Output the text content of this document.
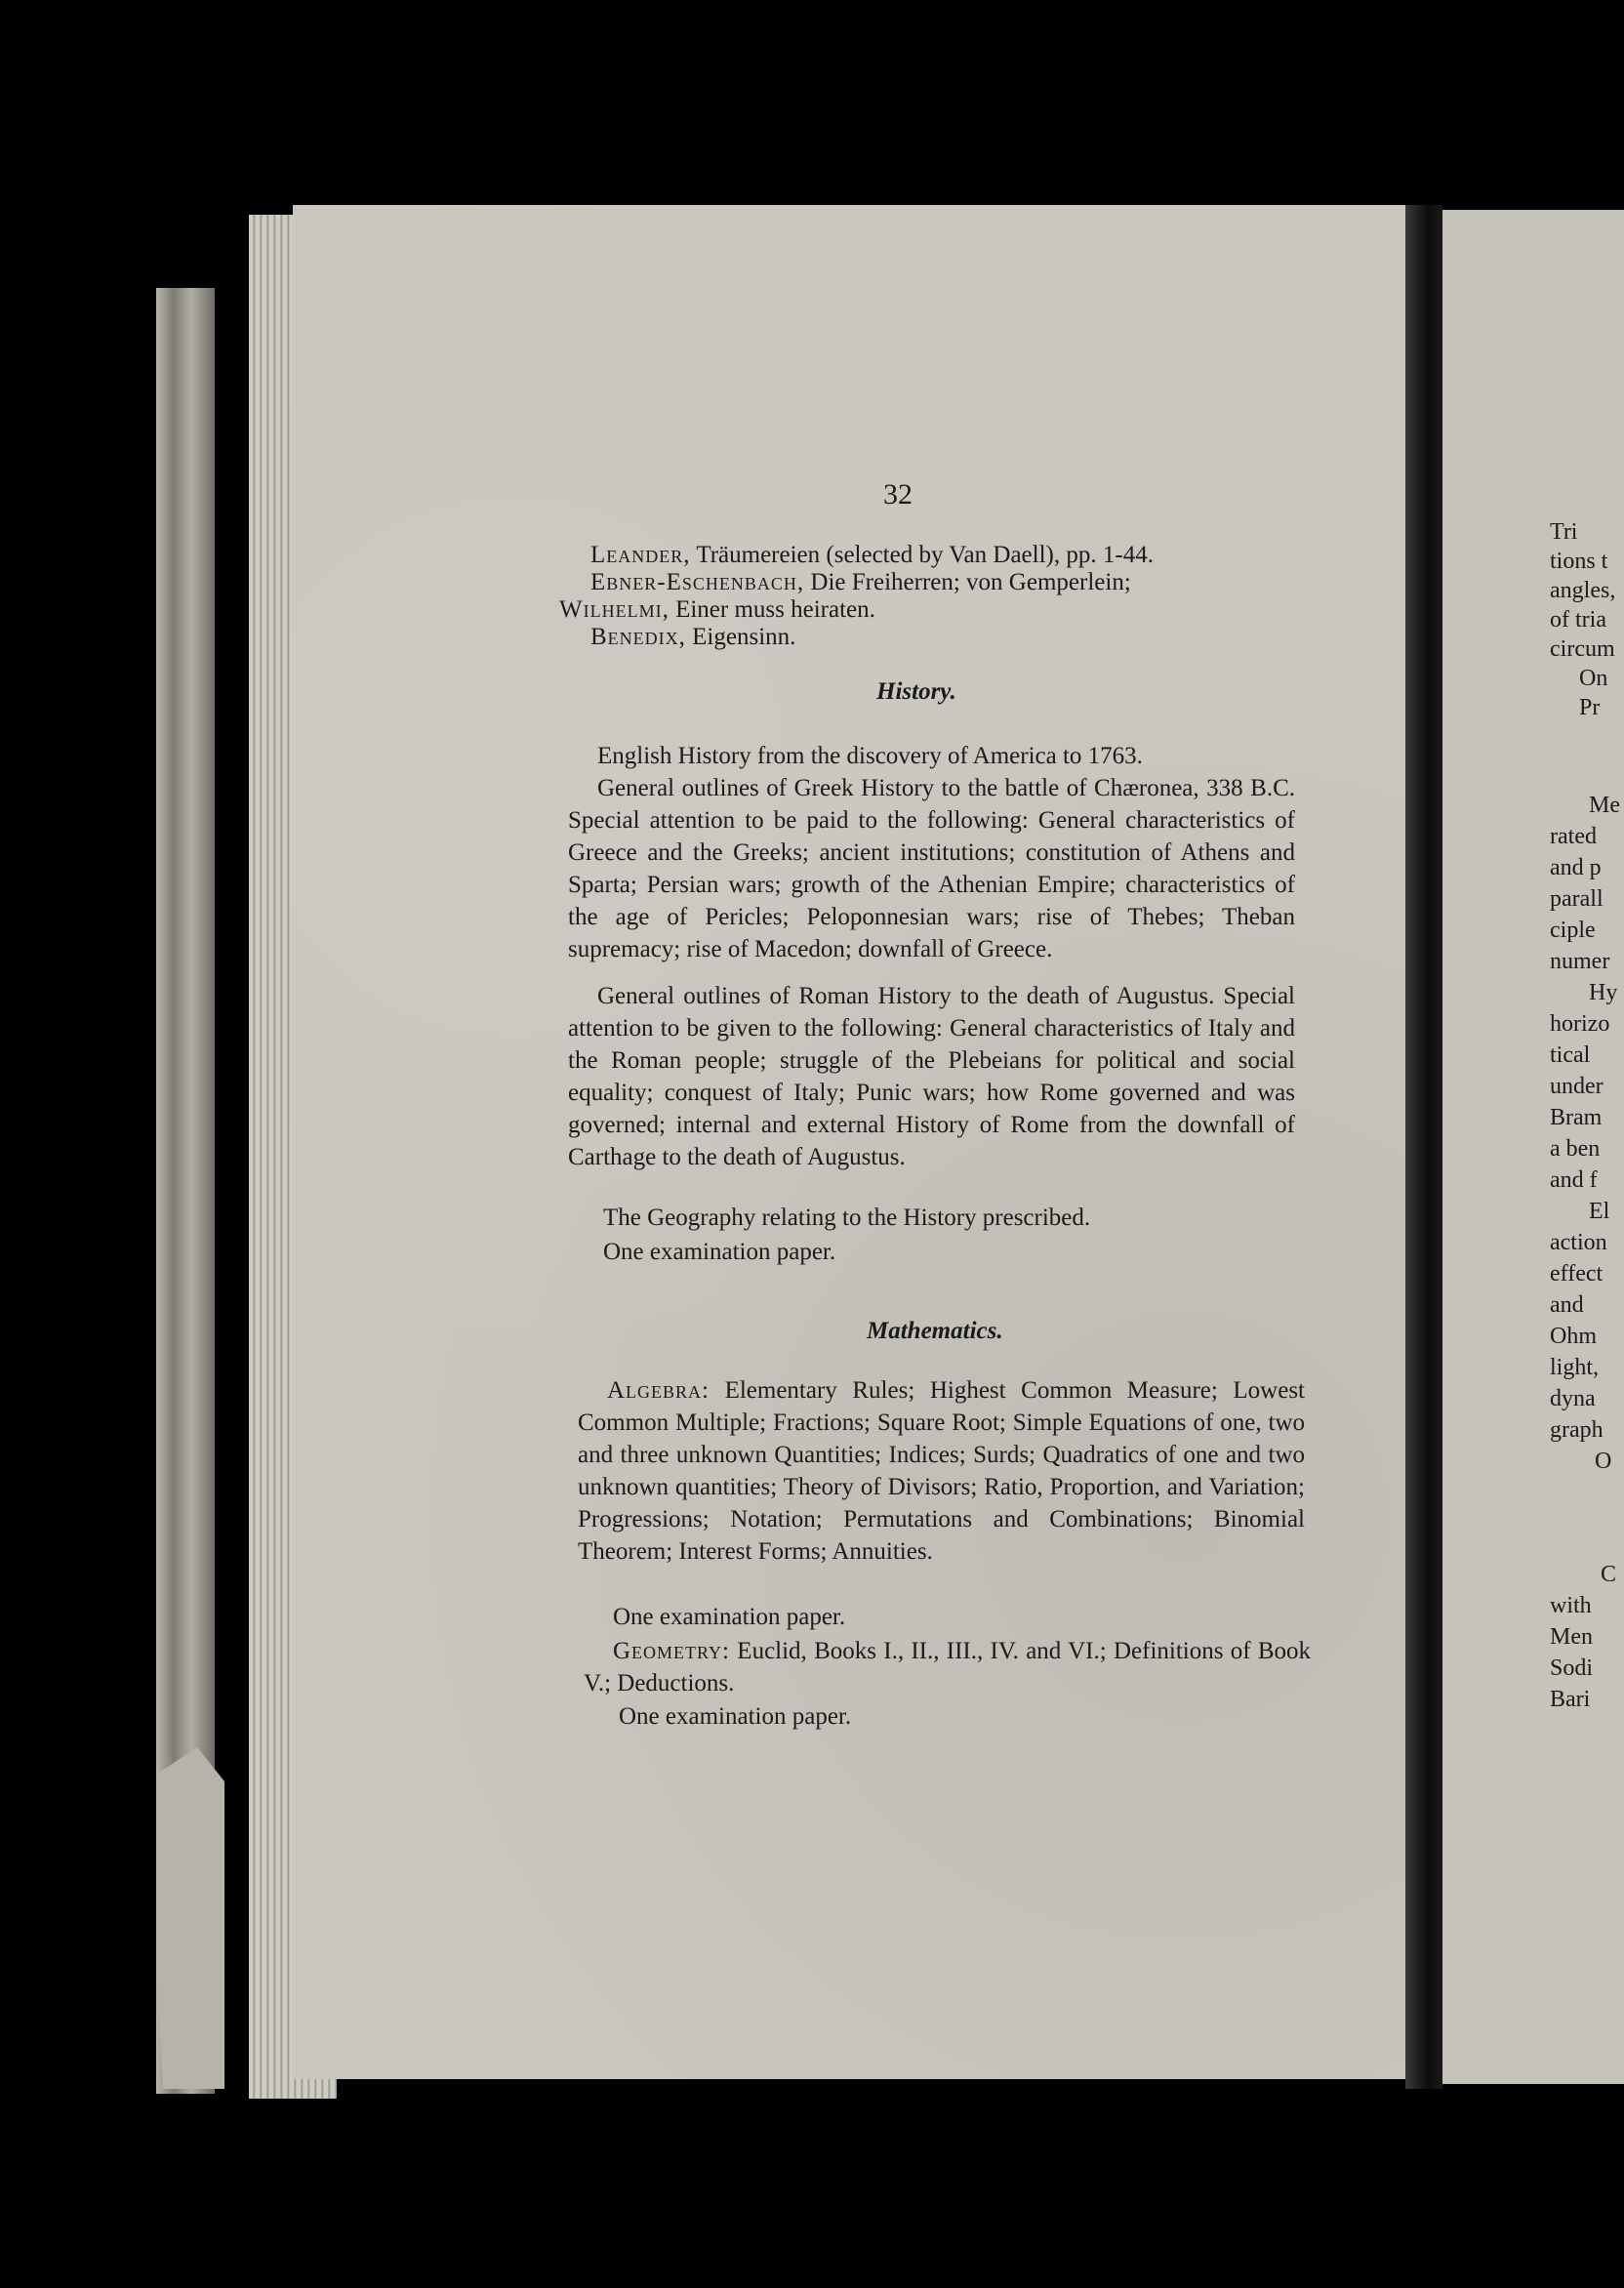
32
Leander, Träumereien (selected by Van Daell), pp. 1-44.
Ebner-Eschenbach, Die Freiherren; von Gemperlein;
Wilhelmi, Einer muss heiraten.
Benedix, Eigensinn.
History.
English History from the discovery of America to 1763.
General outlines of Greek History to the battle of Chæronea, 338 B.C. Special attention to be paid to the following: General characteristics of Greece and the Greeks; ancient institutions; constitution of Athens and Sparta; Persian wars; growth of the Athenian Empire; characteristics of the age of Pericles; Peloponnesian wars; rise of Thebes; Theban supremacy; rise of Macedon; downfall of Greece.
General outlines of Roman History to the death of Augustus. Special attention to be given to the following: General characteristics of Italy and the Roman people; struggle of the Plebeians for political and social equality; conquest of Italy; Punic wars; how Rome governed and was governed; internal and external History of Rome from the downfall of Carthage to the death of Augustus.
The Geography relating to the History prescribed.
One examination paper.
Mathematics.
Algebra: Elementary Rules; Highest Common Measure; Lowest Common Multiple; Fractions; Square Root; Simple Equations of one, two and three unknown Quantities; Indices; Surds; Quadratics of one and two unknown quantities; Theory of Divisors; Ratio, Proportion, and Variation; Progressions; Notation; Permutations and Combinations; Binomial Theorem; Interest Forms; Annuities.
One examination paper.
Geometry: Euclid, Books I., II., III., IV. and VI.; Definitions of Book V.; Deductions.
One examination paper.
Tri
tions t
angles,
of tria
circum
On
Pr
Me
rated
and p
parall
ciple
numer
Hy
horizo
tical
under
Bram
a ben
and f
El
action
effect
and
Ohm
light,
dyna
graph
O
C
with
Men
Sodi
Bari
